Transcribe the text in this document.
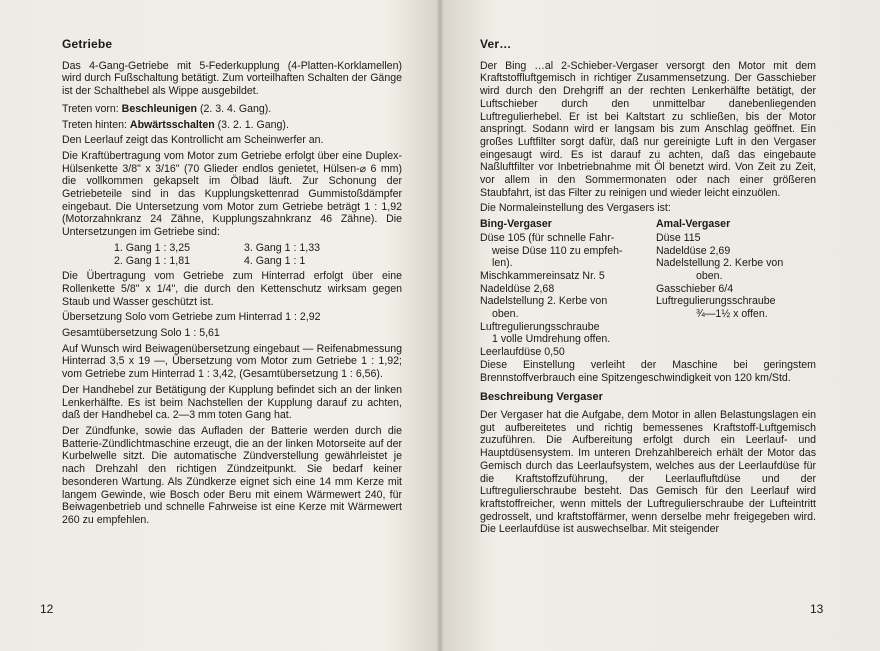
Getriebe

Das 4-Gang-Getriebe mit 5-Federkupplung (4-Platten-Korklamellen) wird durch Fußschaltung betätigt. Zum vorteilhaften Schalten der Gänge ist der Schalthebel als Wippe ausgebildet.

Treten vorn: Beschleunigen (2. 3. 4. Gang).

Treten hinten: Abwärtsschalten (3. 2. 1. Gang).

Den Leerlauf zeigt das Kontrollicht am Scheinwerfer an.

Die Kraftübertragung vom Motor zum Getriebe erfolgt über eine Duplex-Hülsenkette 3/8" x 3/16" (70 Glieder endlos genietet, Hülsen-⌀ 6 mm) die vollkommen gekapselt im Ölbad läuft. Zur Schonung der Getriebeteile sind in das Kupplungskettenrad Gummistoßdämpfer eingebaut. Die Untersetzung vom Motor zum Getriebe beträgt 1 : 1,92 (Motorzahnkranz 24 Zähne, Kupplungszahnkranz 46 Zähne). Die Untersetzungen im Getriebe sind:

1. Gang 1 : 3,25	3. Gang 1 : 1,33
2. Gang 1 : 1,81	4. Gang 1 : 1

Die Übertragung vom Getriebe zum Hinterrad erfolgt über eine Rollenkette 5/8" x 1/4", die durch den Kettenschutz wirksam gegen Staub und Wasser geschützt ist.

Übersetzung Solo vom Getriebe zum Hinterrad 1 : 2,92

Gesamtübersetzung Solo 1 : 5,61

Auf Wunsch wird Beiwagenübersetzung eingebaut — Reifenabmessung Hinterrad 3,5 x 19 —, Übersetzung vom Motor zum Getriebe 1 : 1,92; vom Getriebe zum Hinterrad 1 : 3,42, (Gesamtübersetzung 1 : 6,56).

Der Handhebel zur Betätigung der Kupplung befindet sich an der linken Lenkerhälfte. Es ist beim Nachstellen der Kupplung darauf zu achten, daß der Handhebel ca. 2—3 mm toten Gang hat.

Der Zündfunke, sowie das Aufladen der Batterie werden durch die Batterie-Zündlichtmaschine erzeugt, die an der linken Motorseite auf der Kurbelwelle sitzt. Die automatische Zündverstellung gewährleistet je nach Drehzahl den richtigen Zündzeitpunkt. Sie bedarf keiner besonderen Wartung. Als Zündkerze eignet sich eine 14 mm Kerze mit langem Gewinde, wie Bosch oder Beru mit einem Wärmewert 240, für Beiwagenbetrieb und schnelle Fahrweise ist eine Kerze mit Wärmewert 260 zu empfehlen.

12
Ver…

Der Bing …al 2-Schieber-Vergaser versorgt den Motor mit dem Kraftstoffluftgemisch in richtiger Zusammensetzung. Der Gasschieber wird durch den Drehgriff an der rechten Lenkerhälfte betätigt, der Luftschieber durch den unmittelbar danebenliegenden Luftregulierhebel. Er ist bei Kaltstart zu schließen, bis der Motor anspringt. Sodann wird er langsam bis zum Anschlag geöffnet. Ein großes Luftfilter sorgt dafür, daß nur gereinigte Luft in den Vergaser eingesaugt wird. Es ist darauf zu achten, daß das eingebaute Naßluftfilter vor Inbetriebnahme mit Öl benetzt wird. Von Zeit zu Zeit, vor allem in den Sommermonaten oder nach einer größeren Staubfahrt, ist das Filter zu reinigen und wieder leicht einzuölen.

Die Normaleinstellung des Vergasers ist:

Bing-Vergaser
Düse 105 (für schnelle Fahr-
weise Düse 110 zu empfeh-
len).
Mischkammereinsatz Nr. 5
Nadeldüse 2,68
Nadelstellung 2. Kerbe von
oben.
Luftregulierungsschraube
1 volle Umdrehung offen.
Leerlaufdüse 0,50
Amal-Vergaser
Düse 115
Nadeldüse 2,69
Nadelstellung 2. Kerbe von
oben.
Gasschieber 6/4
Luftregulierungsschraube
¾—1½ x offen.

Diese Einstellung verleiht der Maschine bei geringstem Brennstoffverbrauch eine Spitzengeschwindigkeit von 120 km/Std.

Beschreibung Vergaser

Der Vergaser hat die Aufgabe, dem Motor in allen Belastungslagen ein gut aufbereitetes und richtig bemessenes Kraftstoff-Luftgemisch zuzuführen. Die Aufbereitung erfolgt durch ein Leerlauf- und Hauptdüsensystem. Im unteren Drehzahlbereich erhält der Motor das Gemisch durch das Leerlaufsystem, welches aus der Leerlaufdüse für die Kraftstoffzuführung, der Leerlaufluftdüse und der Luftregulierschraube besteht. Das Gemisch für den Leerlauf wird kraftstoffreicher, wenn mittels der Luftregulierschraube der Lufteintritt gedrosselt, und kraftstoffärmer, wenn derselbe mehr freigegeben wird. Die Leerlaufdüse ist auswechselbar. Mit steigender

13
